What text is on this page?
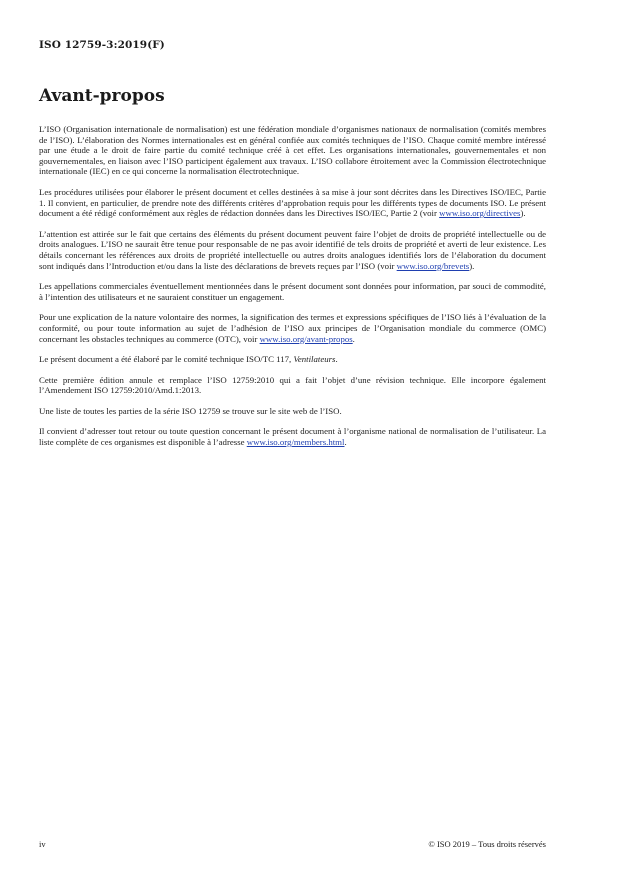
ISO 12759-3:2019(F)
Avant-propos

L’ISO (Organisation internationale de normalisation) est une fédération mondiale d’organismes nationaux de normalisation (comités membres de l’ISO). L’élaboration des Normes internationales est en général confiée aux comités techniques de l’ISO. Chaque comité membre intéressé par une étude a le droit de faire partie du comité technique créé à cet effet. Les organisations internationales, gouvernementales et non gouvernementales, en liaison avec l’ISO participent également aux travaux. L’ISO collabore étroitement avec la Commission électrotechnique internationale (IEC) en ce qui concerne la normalisation électrotechnique.

Les procédures utilisées pour élaborer le présent document et celles destinées à sa mise à jour sont décrites dans les Directives ISO/IEC, Partie 1. Il convient, en particulier, de prendre note des différents critères d’approbation requis pour les différents types de documents ISO. Le présent document a été rédigé conformément aux règles de rédaction données dans les Directives ISO/IEC, Partie 2 (voir www.iso.org/directives).

L’attention est attirée sur le fait que certains des éléments du présent document peuvent faire l’objet de droits de propriété intellectuelle ou de droits analogues. L’ISO ne saurait être tenue pour responsable de ne pas avoir identifié de tels droits de propriété et averti de leur existence. Les détails concernant les références aux droits de propriété intellectuelle ou autres droits analogues identifiés lors de l’élaboration du document sont indiqués dans l’Introduction et/ou dans la liste des déclarations de brevets reçues par l’ISO (voir www.iso.org/brevets).

Les appellations commerciales éventuellement mentionnées dans le présent document sont données pour information, par souci de commodité, à l’intention des utilisateurs et ne sauraient constituer un engagement.

Pour une explication de la nature volontaire des normes, la signification des termes et expressions spécifiques de l’ISO liés à l’évaluation de la conformité, ou pour toute information au sujet de l’adhésion de l’ISO aux principes de l’Organisation mondiale du commerce (OMC) concernant les obstacles techniques au commerce (OTC), voir www.iso.org/avant-propos.

Le présent document a été élaboré par le comité technique ISO/TC 117, Ventilateurs.

Cette première édition annule et remplace l’ISO 12759:2010 qui a fait l’objet d’une révision technique. Elle incorpore également l’Amendement ISO 12759:2010/Amd.1:2013.

Une liste de toutes les parties de la série ISO 12759 se trouve sur le site web de l’ISO.

Il convient d’adresser tout retour ou toute question concernant le présent document à l’organisme national de normalisation de l’utilisateur. La liste complète de ces organismes est disponible à l’adresse www.iso.org/members.html.

iv	© ISO 2019 – Tous droits réservés
